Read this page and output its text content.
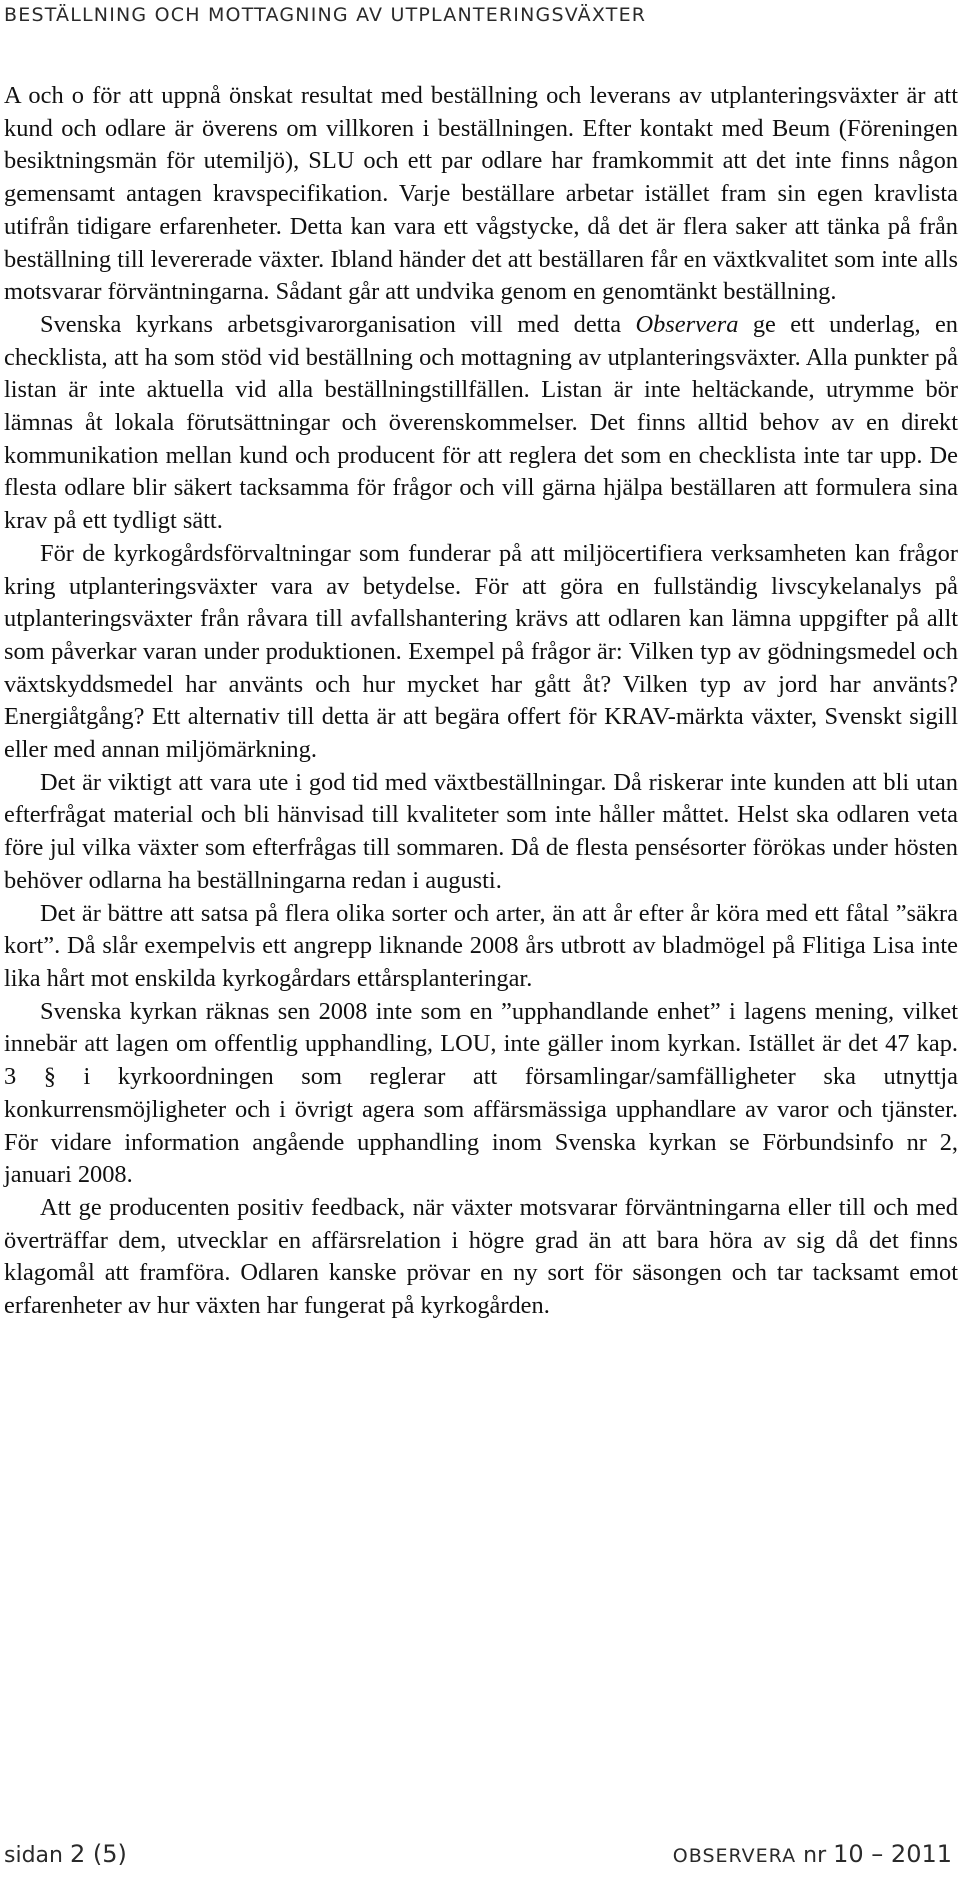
BESTÄLLNING OCH MOTTAGNING AV UTPLANTERINGSVÄXTER

A och o för att uppnå önskat resultat med beställning och leverans av utplanteringsväxter är att kund och odlare är överens om villkoren i beställningen. Efter kontakt med Beum (Föreningen besiktningsmän för utemiljö), SLU och ett par odlare har framkommit att det inte finns någon gemensamt antagen kravspecifikation. Varje beställare arbetar istället fram sin egen kravlista utifrån tidigare erfarenheter. Detta kan vara ett vågstycke, då det är flera saker att tänka på från beställning till levererade växter. Ibland händer det att beställaren får en växtkvalitet som inte alls motsvarar förväntningarna. Sådant går att undvika genom en genomtänkt beställning.

Svenska kyrkans arbetsgivarorganisation vill med detta Observera ge ett underlag, en checklista, att ha som stöd vid beställning och mottagning av utplanteringsväxter. Alla punkter på listan är inte aktuella vid alla beställningstillfällen. Listan är inte heltäckande, utrymme bör lämnas åt lokala förutsättningar och överenskommelser. Det finns alltid behov av en direkt kommunikation mellan kund och producent för att reglera det som en checklista inte tar upp. De flesta odlare blir säkert tacksamma för frågor och vill gärna hjälpa beställaren att formulera sina krav på ett tydligt sätt.

För de kyrkogårdsförvaltningar som funderar på att miljöcertifiera verksamheten kan frågor kring utplanteringsväxter vara av betydelse. För att göra en fullständig livscykelanalys på utplanteringsväxter från råvara till avfallshantering krävs att odlaren kan lämna uppgifter på allt som påverkar varan under produktionen. Exempel på frågor är: Vilken typ av gödningsmedel och växtskyddsmedel har använts och hur mycket har gått åt? Vilken typ av jord har använts? Energiåtgång? Ett alternativ till detta är att begära offert för KRAV-märkta växter, Svenskt sigill eller med annan miljömärkning.

Det är viktigt att vara ute i god tid med växtbeställningar. Då riskerar inte kunden att bli utan efterfrågat material och bli hänvisad till kvaliteter som inte håller måttet. Helst ska odlaren veta före jul vilka växter som efterfrågas till sommaren. Då de flesta pensésorter förökas under hösten behöver odlarna ha beställningarna redan i augusti.

Det är bättre att satsa på flera olika sorter och arter, än att år efter år köra med ett fåtal ”säkra kort”. Då slår exempelvis ett angrepp liknande 2008 års utbrott av bladmögel på Flitiga Lisa inte lika hårt mot enskilda kyrkogårdars ettårsplanteringar.

Svenska kyrkan räknas sen 2008 inte som en ”upphandlande enhet” i lagens mening, vilket innebär att lagen om offentlig upphandling, LOU, inte gäller inom kyrkan. Istället är det 47 kap. 3 § i kyrkoordningen som reglerar att församlingar/samfälligheter ska utnyttja konkurrensmöjligheter och i övrigt agera som affärsmässiga upphandlare av varor och tjänster. För vidare information angående upphandling inom Svenska kyrkan se Förbundsinfo nr 2, januari 2008.

Att ge producenten positiv feedback, när växter motsvarar förväntningarna eller till och med överträffar dem, utvecklar en affärsrelation i högre grad än att bara höra av sig då det finns klagomål att framföra. Odlaren kanske prövar en ny sort för säsongen och tar tacksamt emot erfarenheter av hur växten har fungerat på kyrkogården.

sidan 2 (5)	OBSERVERA nr 10 – 2011
